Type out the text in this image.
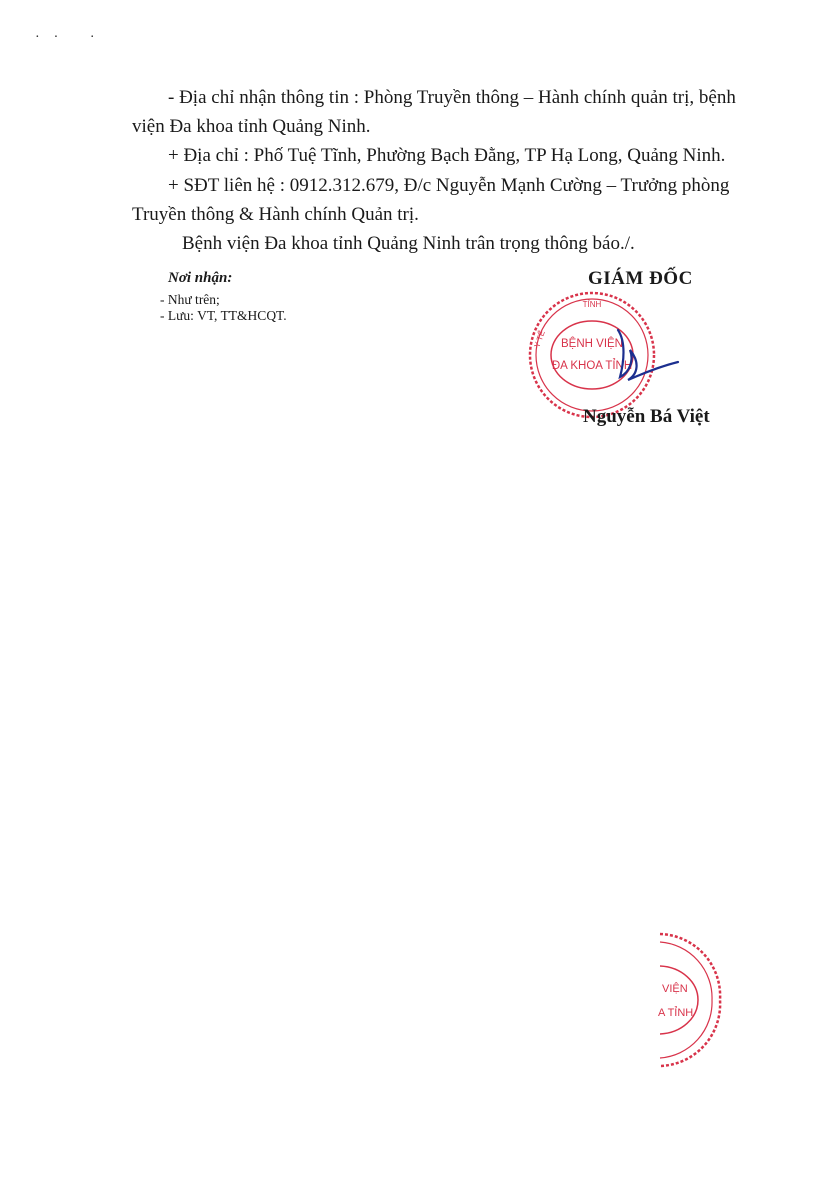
·· ·
- Địa chỉ nhận thông tin : Phòng Truyền thông – Hành chính quản trị, bệnh
viện Đa khoa tỉnh Quảng Ninh.
+ Địa chỉ : Phố Tuệ Tĩnh, Phường Bạch Đằng, TP Hạ Long, Quảng Ninh.
+ SĐT liên hệ : 0912.312.679, Đ/c Nguyễn Mạnh Cường – Trưởng phòng
Truyền thông & Hành chính Quản trị.
Bệnh viện Đa khoa tỉnh Quảng Ninh trân trọng thông báo./.
Nơi nhận:
- Như trên;
- Lưu: VT, TT&HCQT.
GIÁM ĐỐC
BỆNH VIỆN
ĐA KHOA TỈNH
TỈNH
Y TẾ
Nguyễn Bá Việt
VIỆN
A TỈNH
